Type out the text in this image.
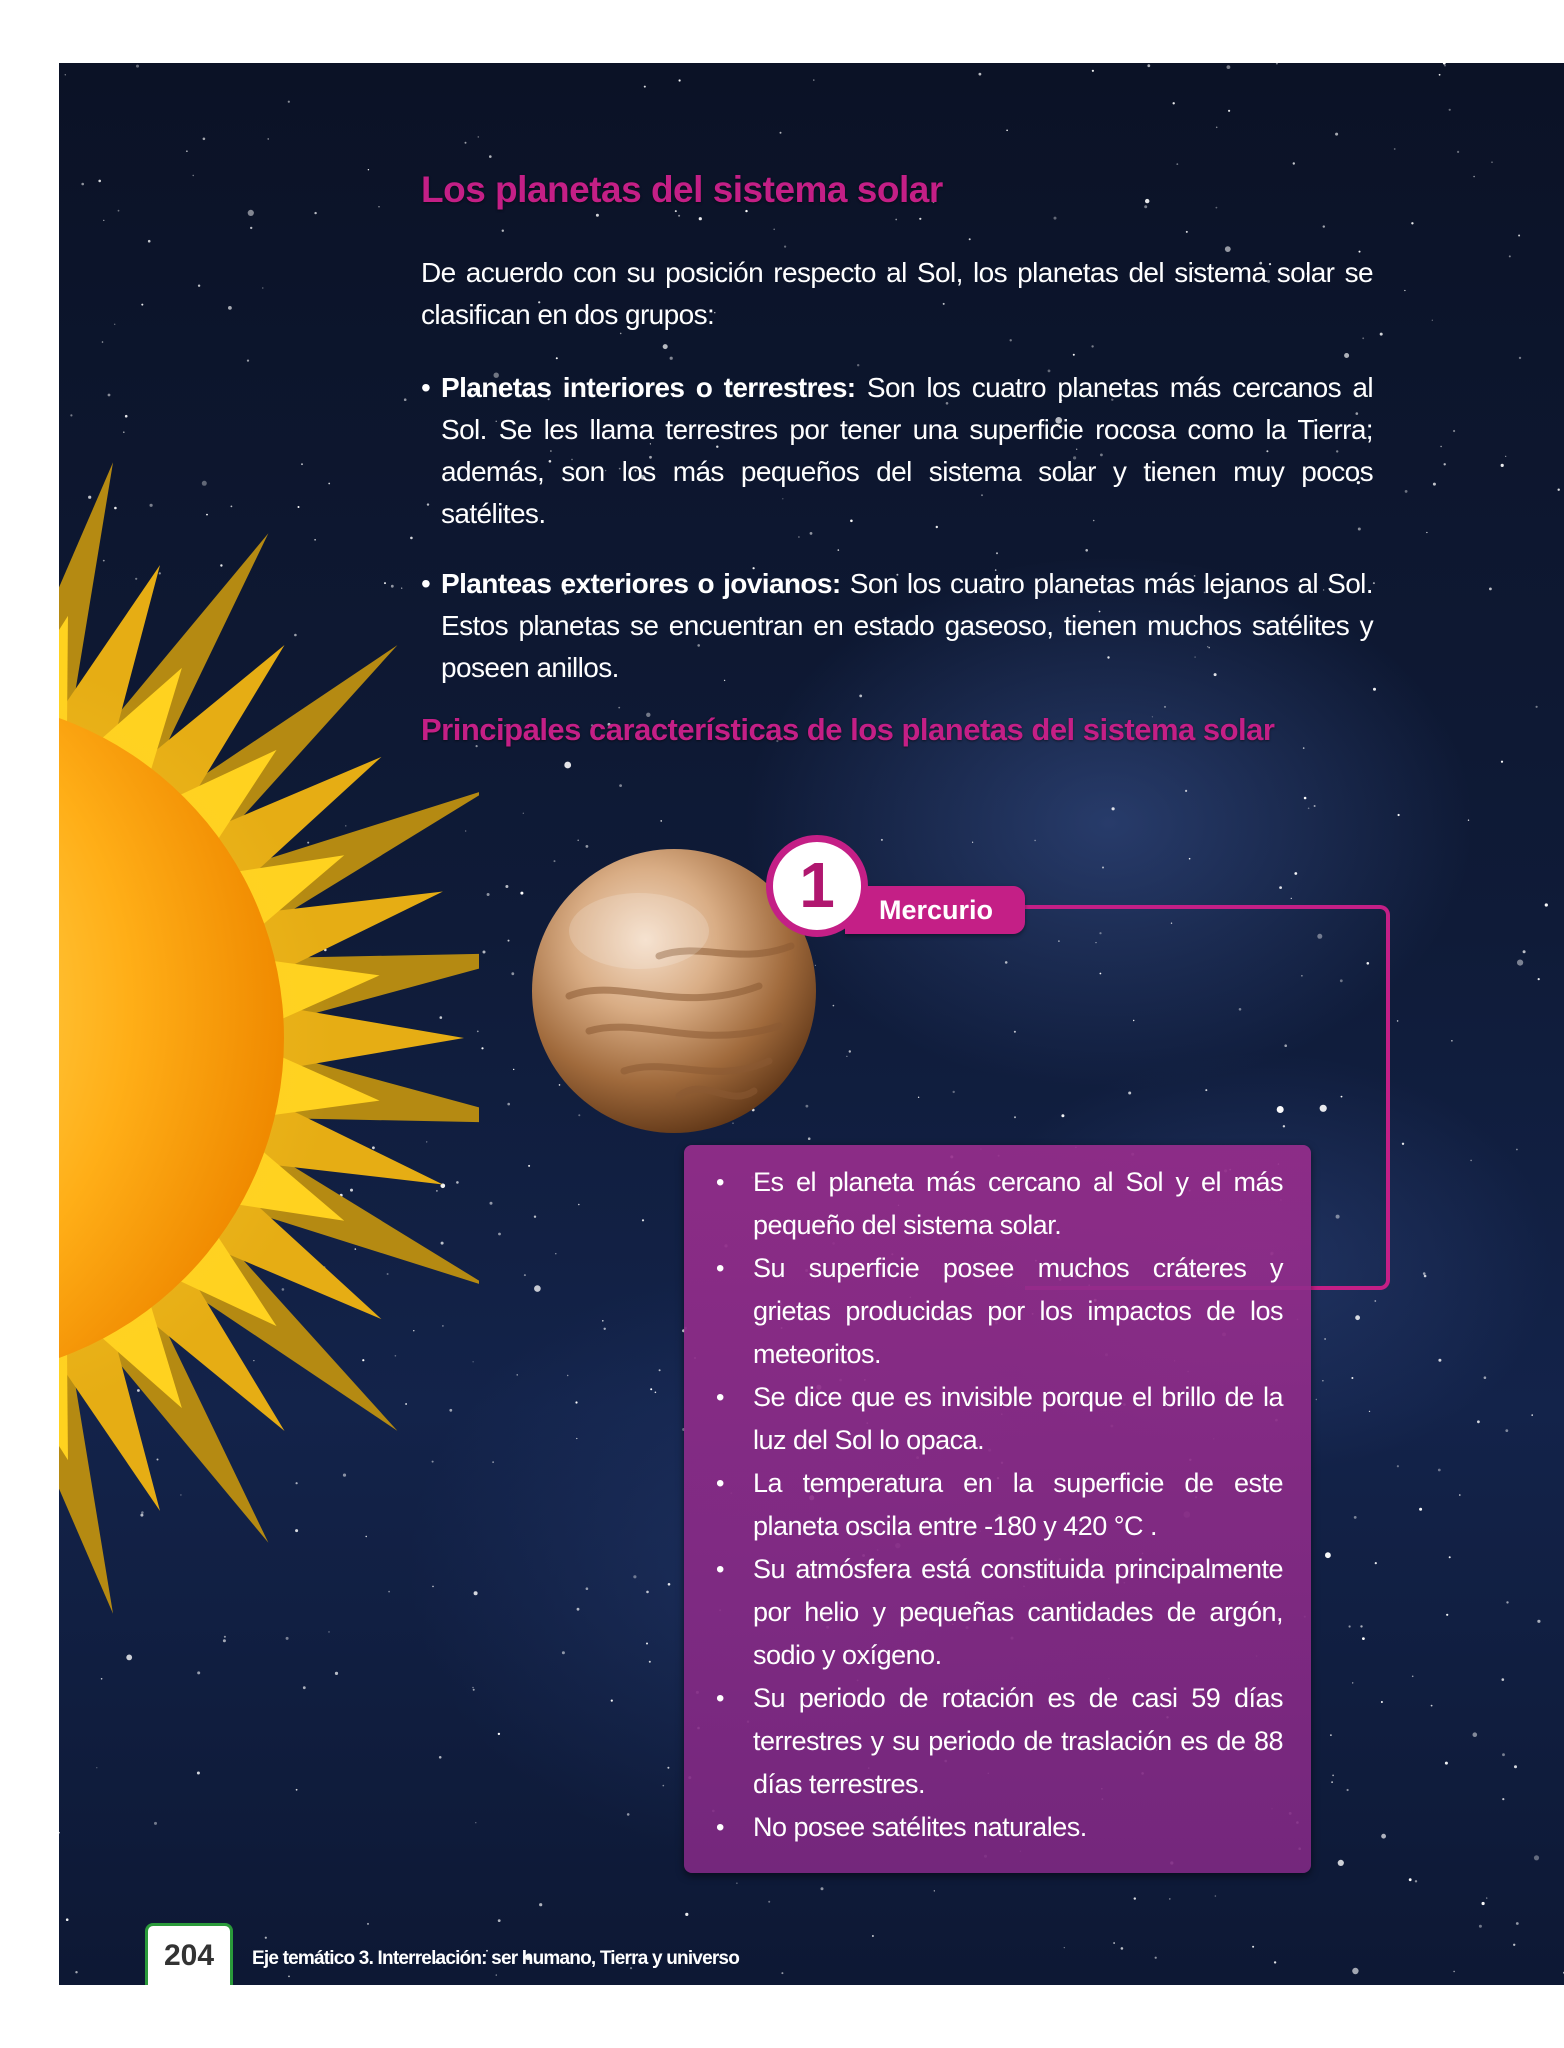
Los planetas del sistema solar

De acuerdo con su posición respecto al Sol, los planetas del sistema solar se clasifican en dos grupos:

• Planetas interiores o terrestres: Son los cuatro planetas más cercanos al Sol. Se les llama terrestres por tener una superficie rocosa como la Tierra; además, son los más pequeños del sistema solar y tienen muy pocos satélites.
• Planteas exteriores o jovianos: Son los cuatro planetas más lejanos al Sol. Estos planetas se encuentran en estado gaseoso, tienen muchos satélites y poseen anillos.
Principales características de los planetas del sistema solar
1	Mercurio
• Es el planeta más cercano al Sol y el más pequeño del sistema solar.
• Su superficie posee muchos cráteres y grietas producidas por los impactos de los meteoritos.
• Se dice que es invisible porque el brillo de la luz del Sol lo opaca.
• La temperatura en la superficie de este planeta oscila entre -180 y 420 °C .
• Su atmósfera está constituida principalmente por helio y pequeñas cantidades de argón, sodio y oxígeno.
• Su periodo de rotación es de casi 59 días terrestres y su periodo de traslación es de 88 días terrestres.
• No posee satélites naturales.
204	Eje temático 3. Interrelación: ser humano, Tierra y universo
